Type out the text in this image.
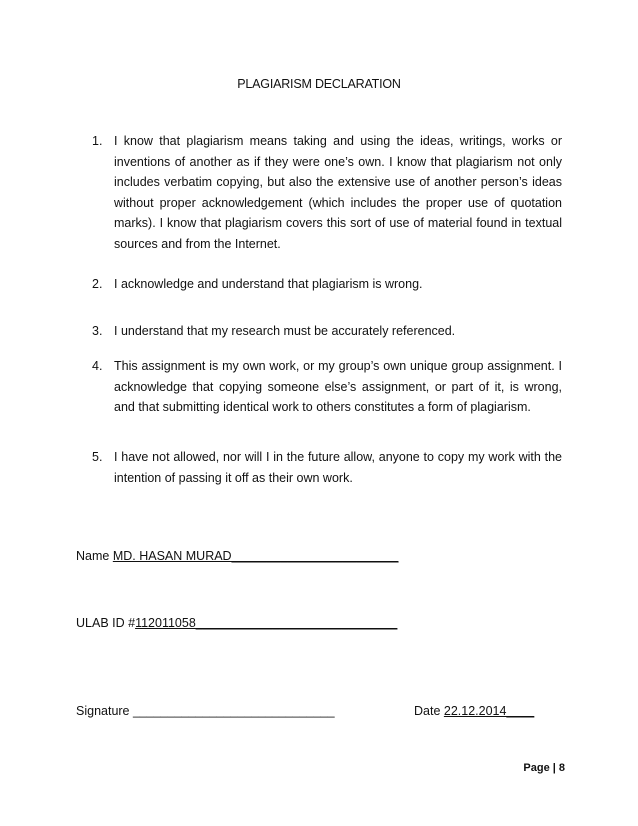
PLAGIARISM DECLARATION
1. I know that plagiarism means taking and using the ideas, writings, works or inventions of another as if they were one’s own. I know that plagiarism not only includes verbatim copying, but also the extensive use of another person’s ideas without proper acknowledgement (which includes the proper use of quotation marks). I know that plagiarism covers this sort of use of material found in textual sources and from the Internet.
2. I acknowledge and understand that plagiarism is wrong.
3. I understand that my research must be accurately referenced.
4. This assignment is my own work, or my group’s own unique group assignment. I acknowledge that copying someone else’s assignment, or part of it, is wrong, and that submitting identical work to others constitutes a form of plagiarism.
5. I have not allowed, nor will I in the future allow, anyone to copy my work with the intention of passing it off as their own work.
Name MD. HASAN MURAD________________________
ULAB ID #112011058_____________________________
Signature _____________________________	Date 22.12.2014____
Page | 8
